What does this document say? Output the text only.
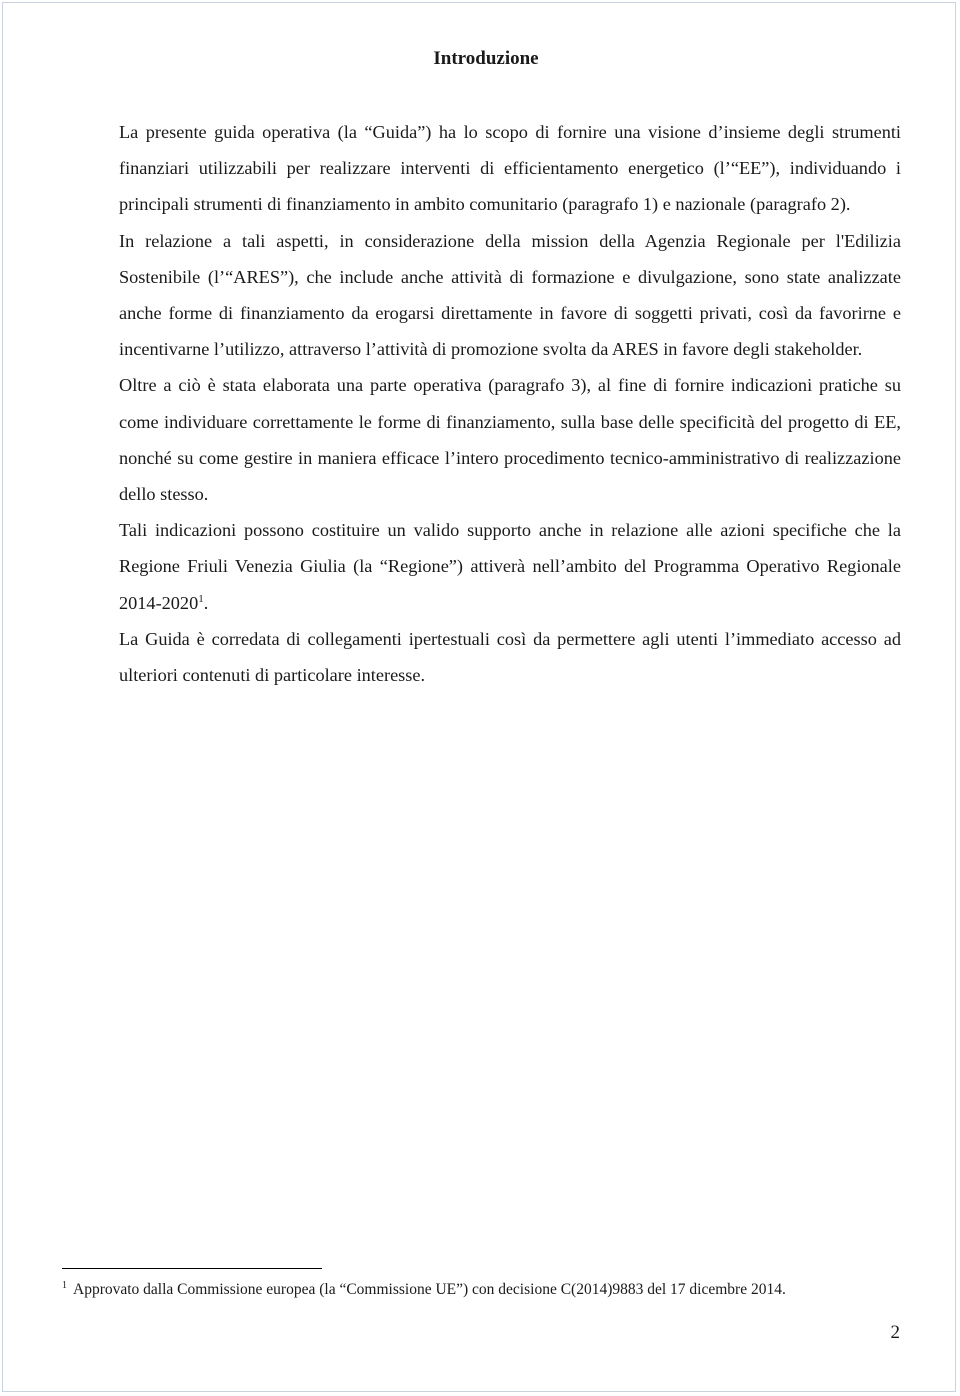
Introduzione

La presente guida operativa (la “Guida”) ha lo scopo di fornire una visione d’insieme degli strumenti finanziari utilizzabili per realizzare interventi di efficientamento energetico (l’“EE”), individuando i principali strumenti di finanziamento in ambito comunitario (paragrafo 1) e nazionale (paragrafo 2).

In relazione a tali aspetti, in considerazione della mission della Agenzia Regionale per l'Edilizia Sostenibile (l’“ARES”), che include anche attività di formazione e divulgazione, sono state analizzate anche forme di finanziamento da erogarsi direttamente in favore di soggetti privati, così da favorirne e incentivarne l’utilizzo, attraverso l’attività di promozione svolta da ARES in favore degli stakeholder.

Oltre a ciò è stata elaborata una parte operativa (paragrafo 3), al fine di fornire indicazioni pratiche su come individuare correttamente le forme di finanziamento, sulla base delle specificità del progetto di EE, nonché su come gestire in maniera efficace l’intero procedimento tecnico-amministrativo di realizzazione dello stesso.

Tali indicazioni possono costituire un valido supporto anche in relazione alle azioni specifiche che la Regione Friuli Venezia Giulia (la “Regione”) attiverà nell’ambito del Programma Operativo Regionale 2014-2020$^1$.

La Guida è corredata di collegamenti ipertestuali così da permettere agli utenti l’immediato accesso ad ulteriori contenuti di particolare interesse.

$^1$ Approvato dalla Commissione europea (la “Commissione UE”) con decisione C(2014)9883 del 17 dicembre 2014.
2
